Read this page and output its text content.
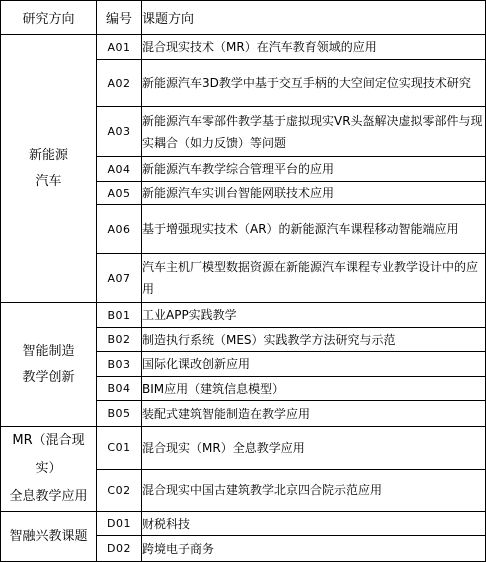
研究方向	编号	课题方向
新能源
汽车	A01	混合现实技术（MR）在汽车教育领域的应用
	A02	新能源汽车3D教学中基于交互手柄的大空间定位实现技术研究
	A03	新能源汽车零部件教学基于虚拟现实VR头盔解决虚拟零部件与现实耦合（如力反馈）等问题
	A04	新能源汽车教学综合管理平台的应用
	A05	新能源汽车实训台智能网联技术应用
	A06	基于增强现实技术（AR）的新能源汽车课程移动智能端应用
	A07	汽车主机厂模型数据资源在新能源汽车课程专业教学设计中的应用
智能制造
教学创新	B01	工业APP实践教学
	B02	制造执行系统（MES）实践教学方法研究与示范
	B03	国际化课改创新应用
	B04	BIM应用（建筑信息模型）
	B05	装配式建筑智能制造在教学应用
MR（混合现实）
全息教学应用	C01	混合现实（MR）全息教学应用
	C02	混合现实中国古建筑教学北京四合院示范应用
智融兴教课题	D01	财税科技
	D02	跨境电子商务
